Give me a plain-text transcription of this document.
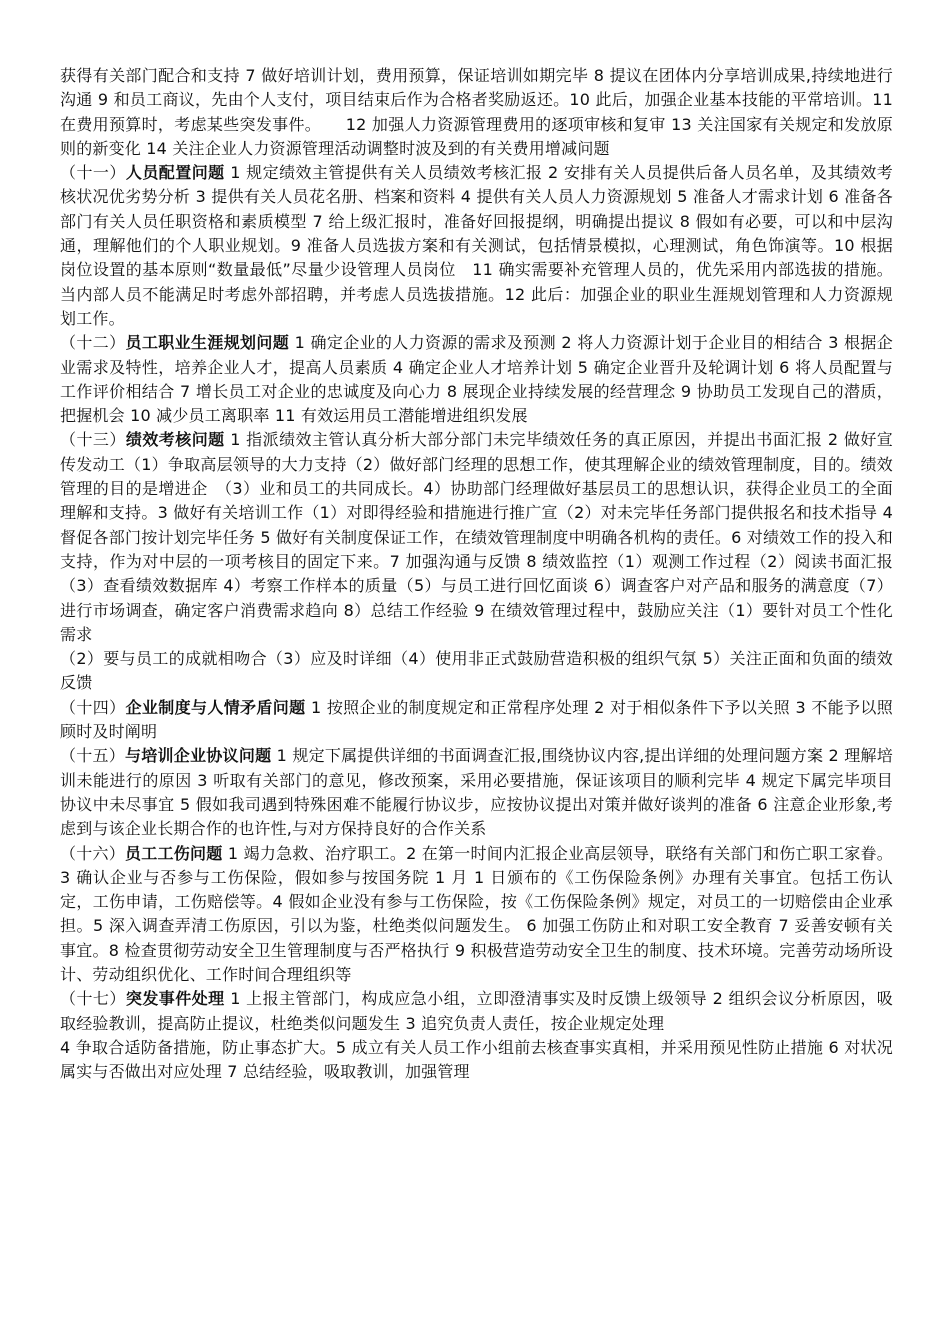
获得有关部门配合和支持 7 做好培训计划，费用预算，保证培训如期完毕 8 提议在团体内分享培训成果,持续地进行沟通 9 和员工商议，先由个人支付，项目结束后作为合格者奖励返还。10 此后，加强企业基本技能的平常培训。11 在费用预算时，考虑某些突发事件。　　12 加强人力资源管理费用的逐项审核和复审 13 关注国家有关规定和发放原则的新变化 14 关注企业人力资源管理活动调整时波及到的有关费用增减问题

（十一）人员配置问题 1 规定绩效主管提供有关人员绩效考核汇报 2 安排有关人员提供后备人员名单，及其绩效考核状况优劣势分析 3 提供有关人员花名册、档案和资料 4 提供有关人员人力资源规划 5 准备人才需求计划 6 准备各部门有关人员任职资格和素质模型 7 给上级汇报时，准备好回报提纲，明确提出提议 8 假如有必要，可以和中层沟通，理解他们的个人职业规划。9 准备人员选拔方案和有关测试，包括情景模拟，心理测试，角色饰演等。10 根据岗位设置的基本原则“数量最低”尽量少设管理人员岗位　11 确实需要补充管理人员的，优先采用内部选拔的措施。当内部人员不能满足时考虑外部招聘，并考虑人员选拔措施。12 此后：加强企业的职业生涯规划管理和人力资源规划工作。

（十二）员工职业生涯规划问题 1 确定企业的人力资源的需求及预测 2 将人力资源计划于企业目的相结合 3 根据企业需求及特性，培养企业人才，提高人员素质 4 确定企业人才培养计划 5 确定企业晋升及轮调计划 6 将人员配置与工作评价相结合 7 增长员工对企业的忠诚度及向心力 8 展现企业持续发展的经营理念 9 协助员工发现自己的潜质，把握机会 10 减少员工离职率 11 有效运用员工潜能增进组织发展

（十三）绩效考核问题 1 指派绩效主管认真分析大部分部门未完毕绩效任务的真正原因，并提出书面汇报 2 做好宣传发动工（1）争取高层领导的大力支持（2）做好部门经理的思想工作，使其理解企业的绩效管理制度，目的。绩效管理的目的是增进企　（3）业和员工的共同成长。4）协助部门经理做好基层员工的思想认识，获得企业员工的全面理解和支持。3 做好有关培训工作（1）对即得经验和措施进行推广宣（2）对未完毕任务部门提供报名和技术指导 4 督促各部门按计划完毕任务 5 做好有关制度保证工作，在绩效管理制度中明确各机构的责任。6 对绩效工作的投入和支持，作为对中层的一项考核目的固定下来。7 加强沟通与反馈 8 绩效监控（1）观测工作过程（2）阅读书面汇报（3）查看绩效数据库 4）考察工作样本的质量（5）与员工进行回忆面谈 6）调查客户对产品和服务的满意度（7）进行市场调查，确定客户消费需求趋向 8）总结工作经验 9 在绩效管理过程中，鼓励应关注（1）要针对员工个性化需求

（2）要与员工的成就相吻合（3）应及时详细（4）使用非正式鼓励营造积极的组织气氛 5）关注正面和负面的绩效反馈

（十四）企业制度与人情矛盾问题 1 按照企业的制度规定和正常程序处理 2 对于相似条件下予以关照 3 不能予以照顾时及时阐明

（十五）与培训企业协议问题 1 规定下属提供详细的书面调查汇报,围绕协议内容,提出详细的处理问题方案 2 理解培训未能进行的原因 3 听取有关部门的意见，修改预案，采用必要措施，保证该项目的顺利完毕 4 规定下属完毕项目协议中未尽事宜 5 假如我司遇到特殊困难不能履行协议步，应按协议提出对策并做好谈判的准备 6 注意企业形象,考虑到与该企业长期合作的也许性,与对方保持良好的合作关系

（十六）员工工伤问题 1 竭力急救、治疗职工。2 在第一时间内汇报企业高层领导，联络有关部门和伤亡职工家眷。3 确认企业与否参与工伤保险，假如参与按国务院 1 月 1 日颁布的《工伤保险条例》办理有关事宜。包括工伤认定，工伤申请，工伤赔偿等。4 假如企业没有参与工伤保险，按《工伤保险条例》规定，对员工的一切赔偿由企业承担。5 深入调查弄清工伤原因，引以为鉴，杜绝类似问题发生。 6 加强工伤防止和对职工安全教育 7 妥善安顿有关事宜。8 检查贯彻劳动安全卫生管理制度与否严格执行 9 积极营造劳动安全卫生的制度、技术环境。完善劳动场所设计、劳动组织优化、工作时间合理组织等

（十七）突发事件处理 1 上报主管部门，构成应急小组，立即澄清事实及时反馈上级领导 2 组织会议分析原因，吸取经验教训，提高防止提议，杜绝类似问题发生 3 追究负责人责任，按企业规定处理

4 争取合适防备措施，防止事态扩大。5 成立有关人员工作小组前去核查事实真相，并采用预见性防止措施 6 对状况属实与否做出对应处理 7 总结经验，吸取教训，加强管理
